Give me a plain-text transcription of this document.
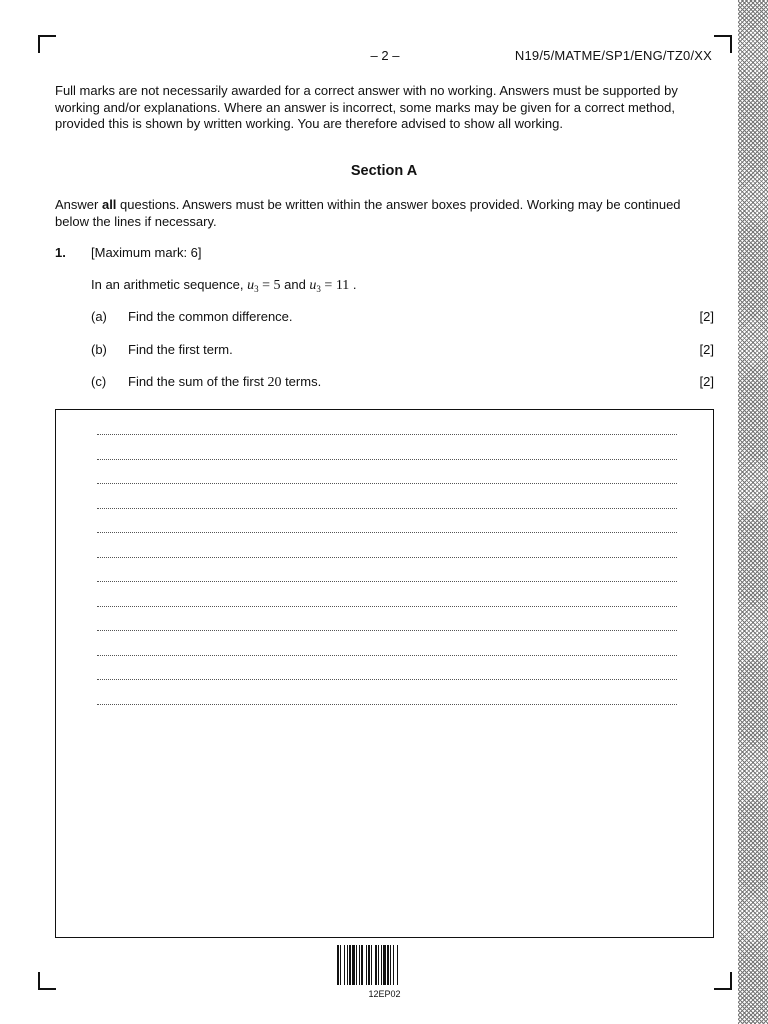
– 2 –	N19/5/MATME/SP1/ENG/TZ0/XX
Full marks are not necessarily awarded for a correct answer with no working. Answers must be supported by working and/or explanations. Where an answer is incorrect, some marks may be given for a correct method, provided this is shown by written working. You are therefore advised to show all working.
Section A
Answer all questions. Answers must be written within the answer boxes provided. Working may be continued below the lines if necessary.
1. [Maximum mark: 6]
In an arithmetic sequence, $u_3 = 5$ and $u_3 = 11$ .
(a) Find the common difference.	[2]
(b) Find the first term.	[2]
(c) Find the sum of the first 20 terms.	[2]
12EP02
